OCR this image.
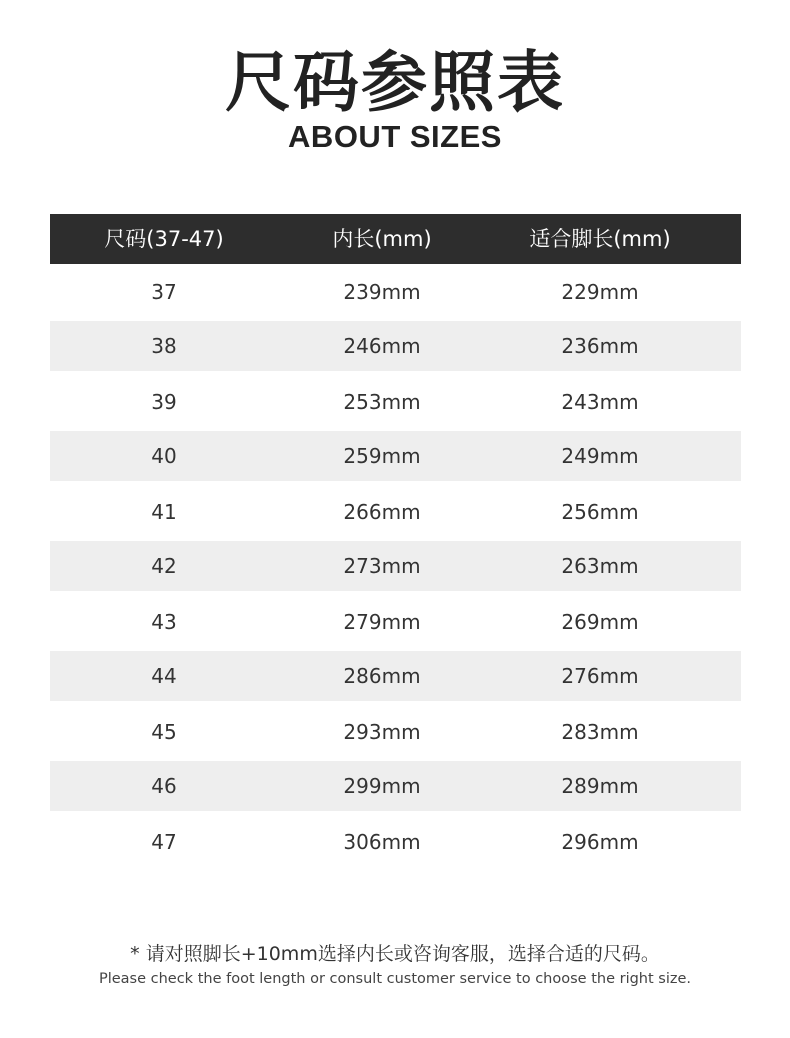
尺码参照表
ABOUT SIZES
尺码(37-47)	内长(mm)	适合脚长(mm)
37	239mm	229mm
38	246mm	236mm
39	253mm	243mm
40	259mm	249mm
41	266mm	256mm
42	273mm	263mm
43	279mm	269mm
44	286mm	276mm
45	293mm	283mm
46	299mm	289mm
47	306mm	296mm
* 请对照脚长+10mm选择内长或咨询客服，选择合适的尺码。
Please check the foot length or consult customer service to choose the right size.
